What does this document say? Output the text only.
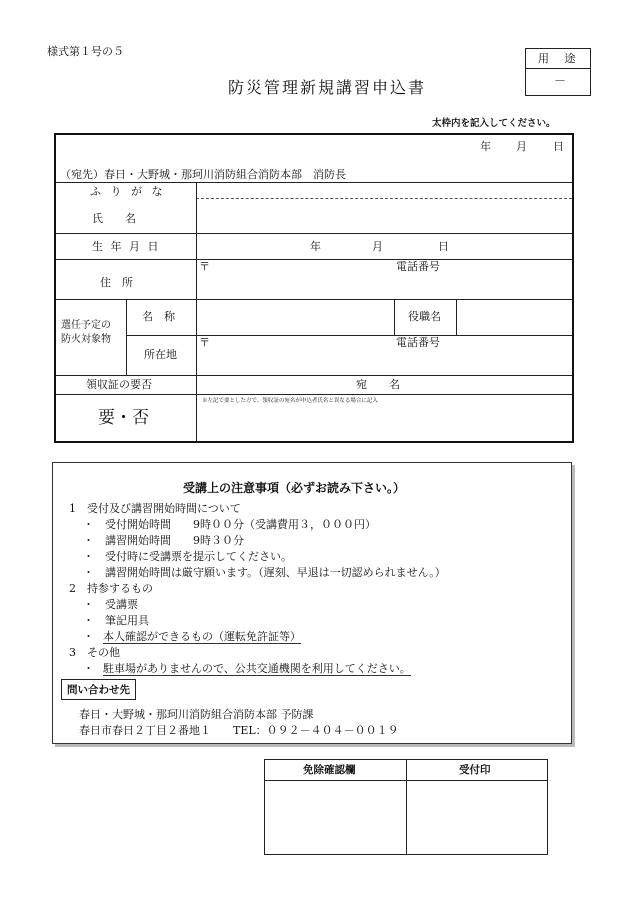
様式第１号の５
用 途
－
防災管理新規講習申込書
太枠内を記入してください。
年 月 日
（宛先）春日・大野城・那珂川消防組合消防本部　消防長
ふ り が な
氏　　名
生 年 月 日	年	月	日
住　所
〒	電話番号
選任予定の
防火対象物
名　称	役職名
所在地
〒	電話番号
領収証の要否	宛　　名
要・否
※左記で要とした方で、領収証の宛名が申込者氏名と異なる場合に記入
受講上の注意事項（必ずお読み下さい。）
1　受付及び講習開始時間について
・　受付開始時間　　9時００分（受講費用３，０００円）
・　講習開始時間　　9時３０分
・　受付時に受講票を提示してください。
・　講習開始時間は厳守願います。（遅刻、早退は一切認められません。）
2　持参するもの
・　受講票
・　筆記用具
・ 本人確認ができるもの（運転免許証等）
3　その他
・ 駐車場がありませんので、公共交通機関を利用してください。
問い合わせ先
春日・大野城・那珂川消防組合消防本部 予防課
春日市春日２丁目２番地１　　TEL：０９２－４０４－００１９
免除確認欄	受付印
